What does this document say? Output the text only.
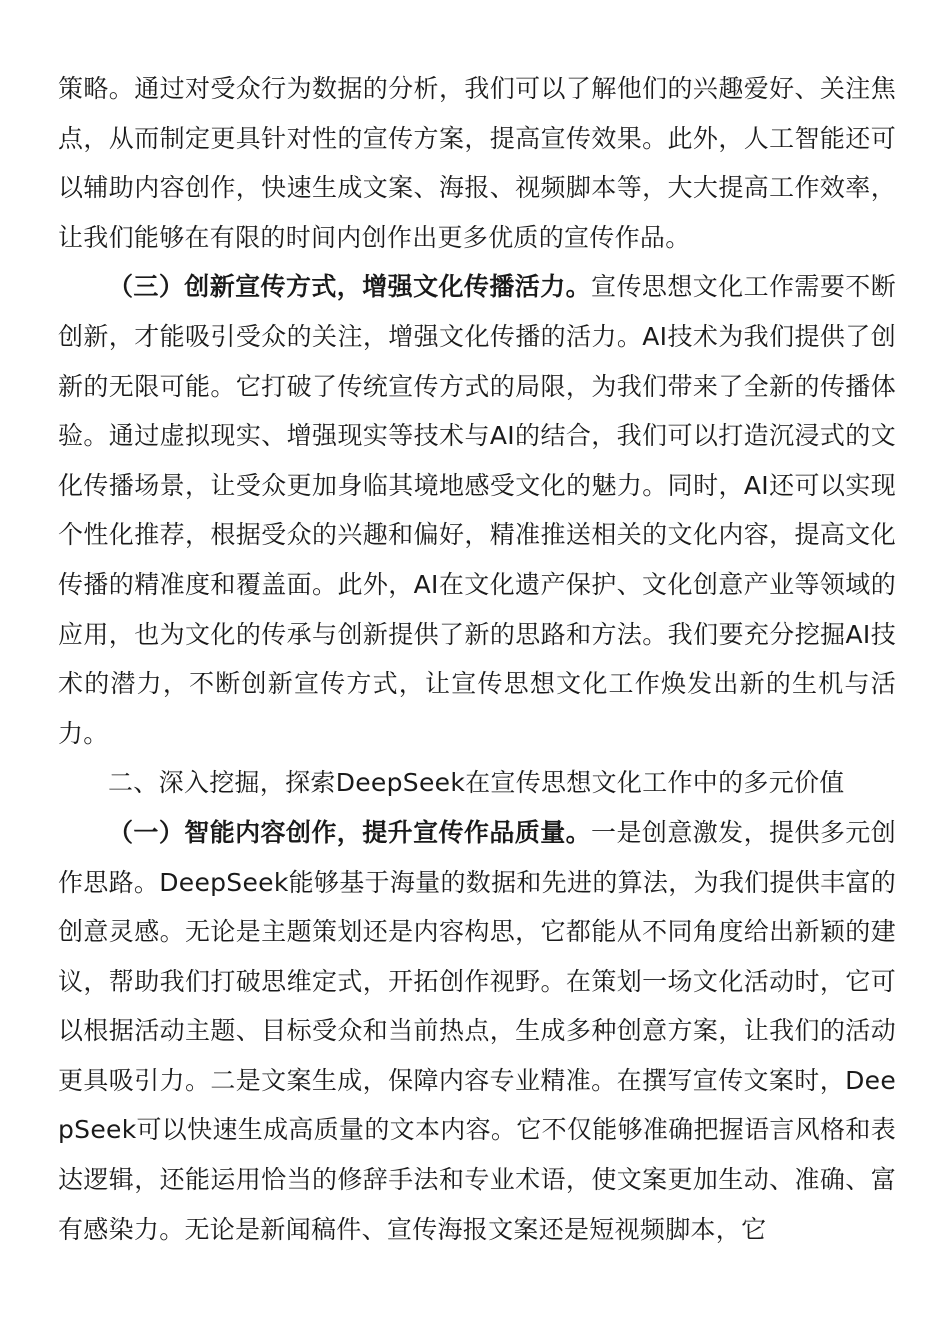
策略。通过对受众行为数据的分析，我们可以了解他们的兴趣爱好、关注焦点，从而制定更具针对性的宣传方案，提高宣传效果。此外，人工智能还可以辅助内容创作，快速生成文案、海报、视频脚本等，大大提高工作效率，让我们能够在有限的时间内创作出更多优质的宣传作品。

（三）创新宣传方式，增强文化传播活力。宣传思想文化工作需要不断创新，才能吸引受众的关注，增强文化传播的活力。AI技术为我们提供了创新的无限可能。它打破了传统宣传方式的局限，为我们带来了全新的传播体验。通过虚拟现实、增强现实等技术与AI的结合，我们可以打造沉浸式的文化传播场景，让受众更加身临其境地感受文化的魅力。同时，AI还可以实现个性化推荐，根据受众的兴趣和偏好，精准推送相关的文化内容，提高文化传播的精准度和覆盖面。此外，AI在文化遗产保护、文化创意产业等领域的应用，也为文化的传承与创新提供了新的思路和方法。我们要充分挖掘AI技术的潜力，不断创新宣传方式，让宣传思想文化工作焕发出新的生机与活力。

二、深入挖掘，探索DeepSeek在宣传思想文化工作中的多元价值

（一）智能内容创作，提升宣传作品质量。一是创意激发，提供多元创作思路。DeepSeek能够基于海量的数据和先进的算法，为我们提供丰富的创意灵感。无论是主题策划还是内容构思，它都能从不同角度给出新颖的建议，帮助我们打破思维定式，开拓创作视野。在策划一场文化活动时，它可以根据活动主题、目标受众和当前热点，生成多种创意方案，让我们的活动更具吸引力。二是文案生成，保障内容专业精准。在撰写宣传文案时，DeepSeek可以快速生成高质量的文本内容。它不仅能够准确把握语言风格和表达逻辑，还能运用恰当的修辞手法和专业术语，使文案更加生动、准确、富有感染力。无论是新闻稿件、宣传海报文案还是短视频脚本，它
